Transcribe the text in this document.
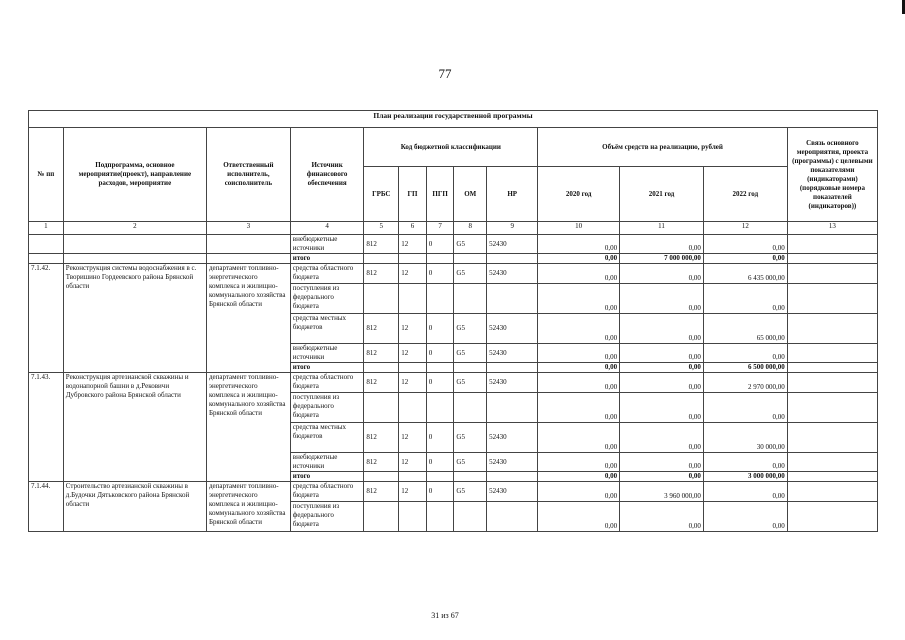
77
План реализации государственной программы												
№ пп	Подпрограмма, основное мероприятие(проект), направление расходов, мероприятие	Ответственный исполнитель, соисполнитель	Источник финансового обеспечения	Код бюджетной классификации					Объём средств на реализацию, рублей			Связь основного мероприятия, проекта (программы) с целевыми показателями (индикаторами) (порядковые номера показателей (индикаторов))
				ГРБС	ГП	ПГП	ОМ	НР	2020 год	2021 год	2022 год	
1	2	3	4	5	6	7	8	9	10	11	12	13
			внебюджетные источники	812	12	0	G5	52430	0,00	0,00	0,00	
			итого						0,00	7 000 000,00	0,00	
7.1.42.	Реконструкция системы водоснабжения в с. Творишино Гордеевского района Брянской области	департамент топливно-энергетического комплекса и жилищно-коммунального хозяйства Брянской области	средства областного бюджета	812	12	0	G5	52430	0,00	0,00	6 435 000,00	
			поступления из федерального бюджета						0,00	0,00	0,00	
			средства местных бюджетов	812	12	0	G5	52430	0,00	0,00	65 000,00	
			внебюджетные источники	812	12	0	G5	52430	0,00	0,00	0,00	
			итого						0,00	0,00	6 500 000,00	
7.1.43.	Реконструкция артезианской скважины и водонапорной башни в д.Рековичи Дубровского района Брянской области	департамент топливно-энергетического комплекса и жилищно-коммунального хозяйства Брянской области	средства областного бюджета	812	12	0	G5	52430	0,00	0,00	2 970 000,00	
			поступления из федерального бюджета						0,00	0,00	0,00	
			средства местных бюджетов	812	12	0	G5	52430	0,00	0,00	30 000,00	
			внебюджетные источники	812	12	0	G5	52430	0,00	0,00	0,00	
			итого						0,00	0,00	3 000 000,00	
7.1.44.	Строительство артезианской скважины в д.Будочки Дятьковского района Брянской области	департамент топливно-энергетического комплекса и жилищно-коммунального хозяйства Брянской области	средства областного бюджета	812	12	0	G5	52430	0,00	3 960 000,00	0,00	
			поступления из федерального бюджета						0,00	0,00	0,00	
31 из 67
